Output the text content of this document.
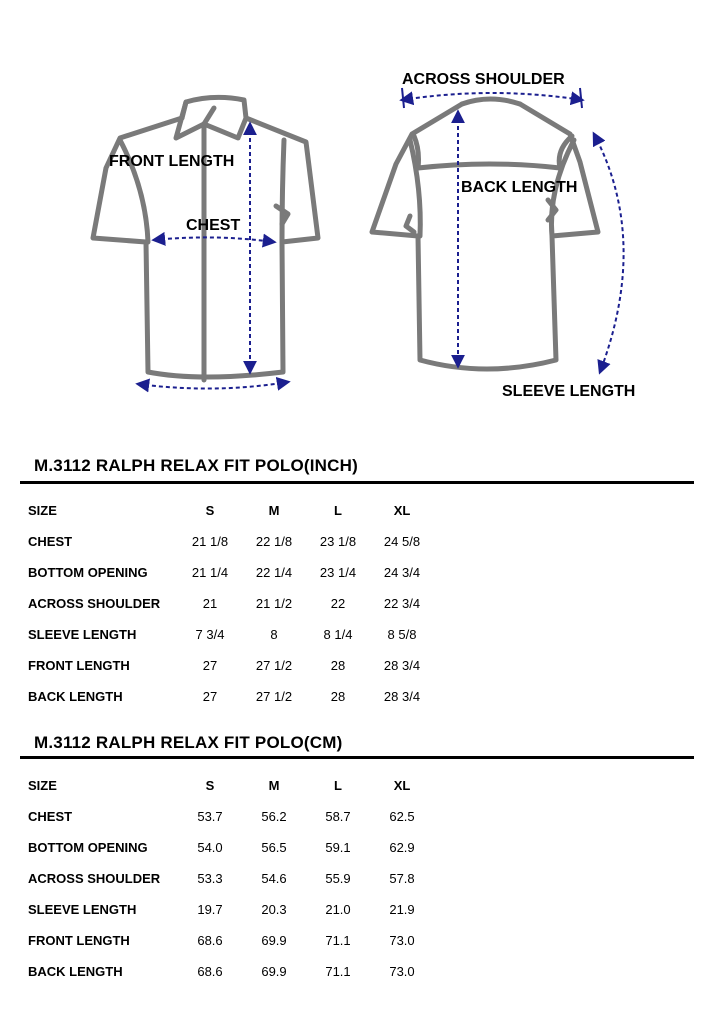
FRONT LENGTH
CHEST
ACROSS SHOULDER
BACK LENGTH
SLEEVE LENGTH
M.3112 RALPH RELAX FIT POLO(INCH)
SIZE	S	M	L	XL
CHEST	21 1/8	22 1/8	23 1/8	24 5/8
BOTTOM OPENING	21 1/4	22 1/4	23 1/4	24 3/4
ACROSS SHOULDER	21	21 1/2	22	22 3/4
SLEEVE LENGTH	7 3/4	8	8 1/4	8 5/8
FRONT LENGTH	27	27 1/2	28	28 3/4
BACK LENGTH	27	27 1/2	28	28 3/4
M.3112 RALPH RELAX FIT POLO(CM)
SIZE	S	M	L	XL
CHEST	53.7	56.2	58.7	62.5
BOTTOM OPENING	54.0	56.5	59.1	62.9
ACROSS SHOULDER	53.3	54.6	55.9	57.8
SLEEVE LENGTH	19.7	20.3	21.0	21.9
FRONT LENGTH	68.6	69.9	71.1	73.0
BACK LENGTH	68.6	69.9	71.1	73.0
